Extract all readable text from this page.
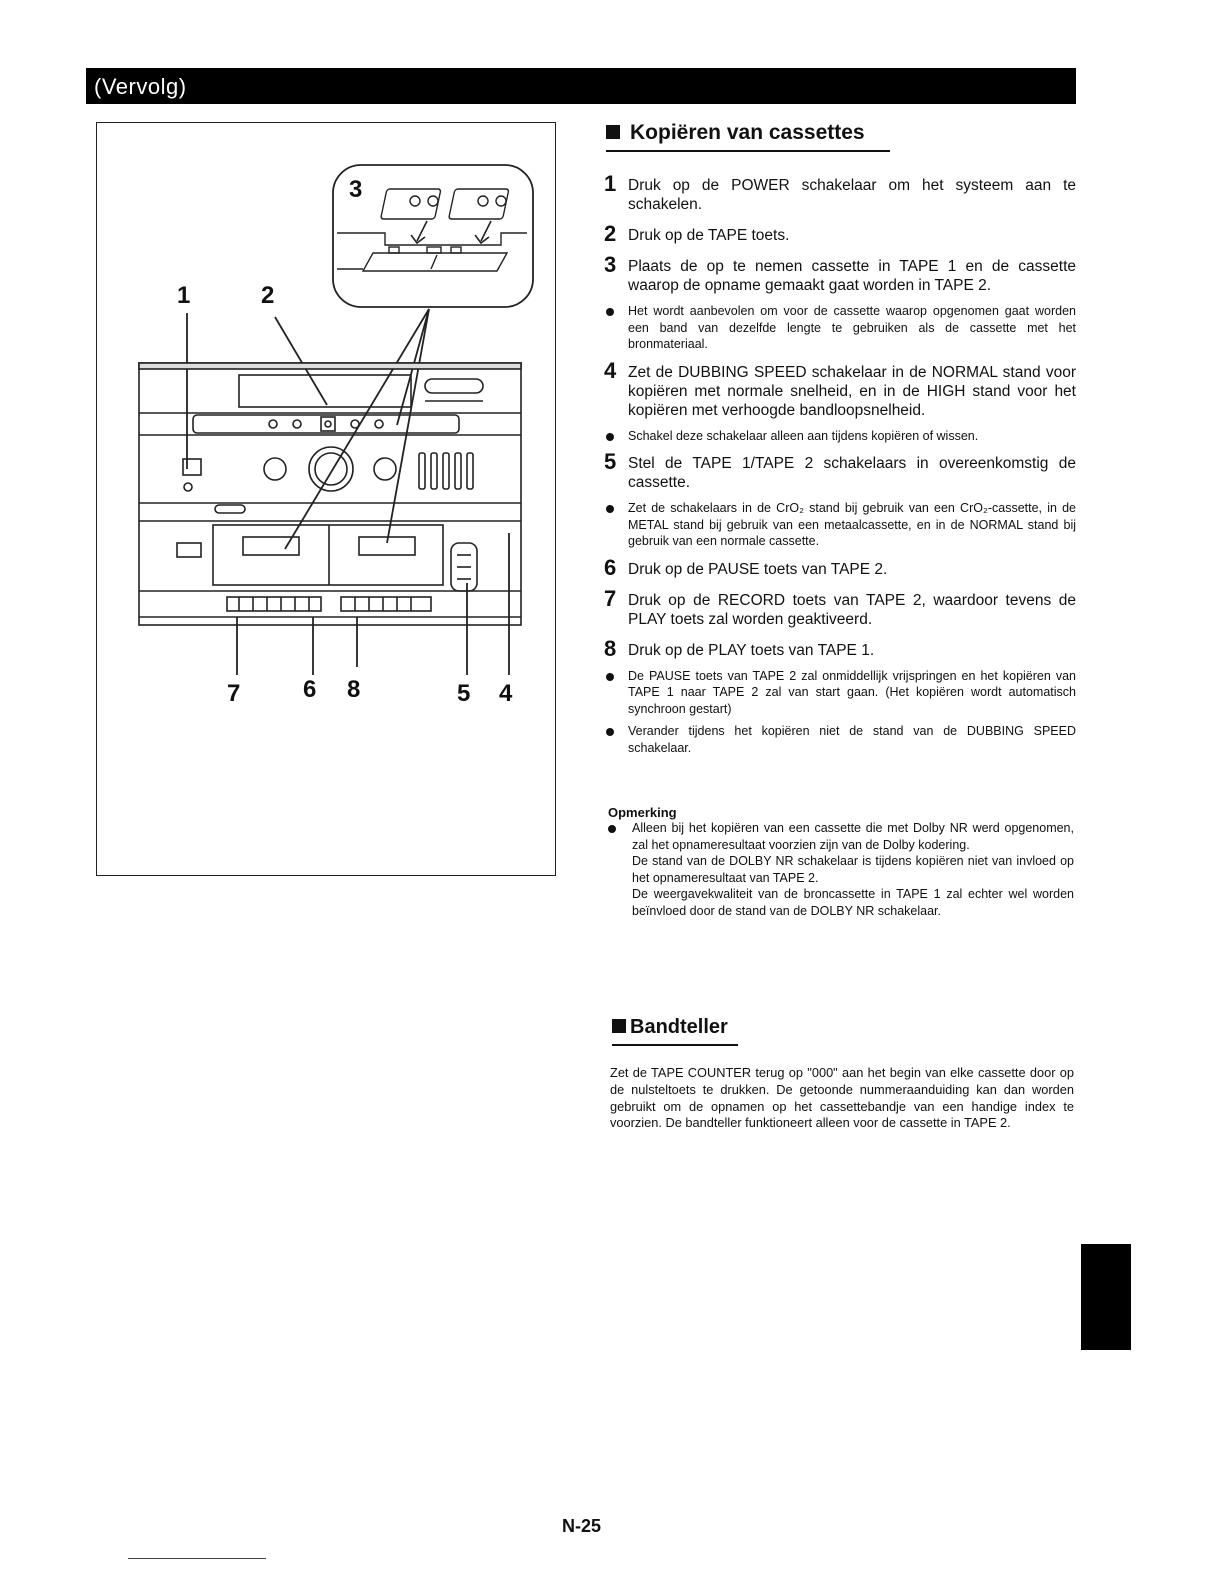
(Vervolg)
3
1	2
7	6 8	5 4
Kopiëren van cassettes
1 Druk op de POWER schakelaar om het systeem aan te schakelen.
2 Druk op de TAPE toets.
3 Plaats de op te nemen cassette in TAPE 1 en de cassette waarop de opname gemaakt gaat worden in TAPE 2.
Het wordt aanbevolen om voor de cassette waarop opgenomen gaat worden een band van dezelfde lengte te gebruiken als de cassette met het bronmateriaal.
4 Zet de DUBBING SPEED schakelaar in de NORMAL stand voor kopiëren met normale snelheid, en in de HIGH stand voor het kopiëren met verhoogde bandloopsnelheid.
Schakel deze schakelaar alleen aan tijdens kopiëren of wissen.
5 Stel de TAPE 1/TAPE 2 schakelaars in overeenkomstig de cassette.
Zet de schakelaars in de CrO₂ stand bij gebruik van een CrO₂-cassette, in de METAL stand bij gebruik van een metaalcassette, en in de NORMAL stand bij gebruik van een normale cassette.
6 Druk op de PAUSE toets van TAPE 2.
7 Druk op de RECORD toets van TAPE 2, waardoor tevens de PLAY toets zal worden geaktiveerd.
8 Druk op de PLAY toets van TAPE 1.
De PAUSE toets van TAPE 2 zal onmiddellijk vrijspringen en het kopiëren van TAPE 1 naar TAPE 2 zal van start gaan. (Het kopiëren wordt automatisch synchroon gestart)
Verander tijdens het kopiëren niet de stand van de DUBBING SPEED schakelaar.
Opmerking
Alleen bij het kopiëren van een cassette die met Dolby NR werd opgenomen, zal het opnameresultaat voorzien zijn van de Dolby kodering.
De stand van de DOLBY NR schakelaar is tijdens kopiëren niet van invloed op het opnameresultaat van TAPE 2.
De weergavekwaliteit van de broncassette in TAPE 1 zal echter wel worden beïnvloed door de stand van de DOLBY NR schakelaar.
Bandteller
Zet de TAPE COUNTER terug op "000" aan het begin van elke cassette door op de nulsteltoets te drukken. De getoonde nummeraanduiding kan dan worden gebruikt om de opnamen op het cassettebandje van een handige index te voorzien. De bandteller funktioneert alleen voor de cassette in TAPE 2.
N-25
